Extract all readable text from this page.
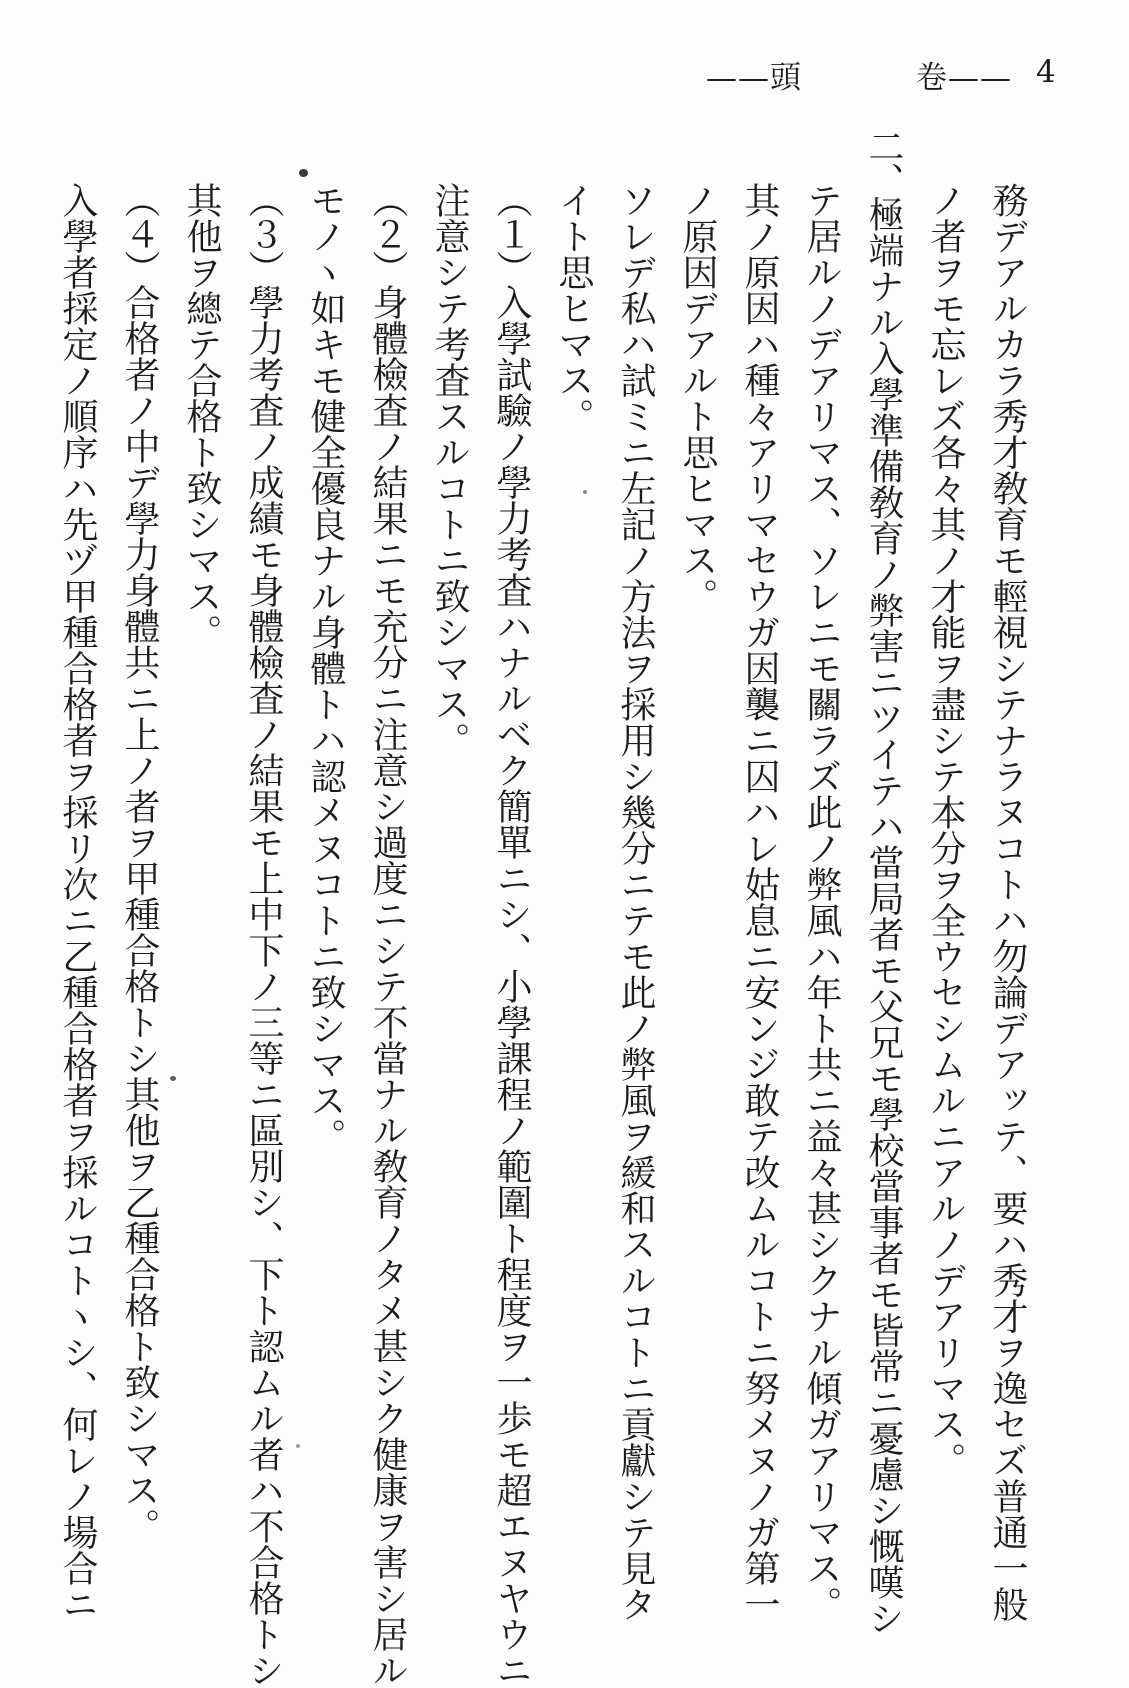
——頭	卷—— 4
務デアルカラ秀才敎育モ輕視シテナラヌコトハ勿論デアッテ、要ハ秀才ヲ逸セズ普通一般
ノ者ヲモ忘レズ各々其ノ才能ヲ盡シテ本分ヲ全ウセシムルニアルノデアリマス。
二、極端ナル入學準備敎育ノ弊害ニツイテハ當局者モ父兄モ學校當事者モ皆常ニ憂慮シ慨嘆シ
テ居ルノデアリマス、ソレニモ關ラズ此ノ弊風ハ年ト共ニ益々甚シクナル傾ガアリマス。
其ノ原因ハ種々アリマセウガ因襲ニ囚ハレ姑息ニ安ンジ敢テ改ムルコトニ努メヌノガ第一
ノ原因デアルト思ヒマス。
ソレデ私ハ試ミニ左記ノ方法ヲ採用シ幾分ニテモ此ノ弊風ヲ緩和スルコトニ貢獻シテ見タ
イト思ヒマス。
（１）入學試驗ノ學力考査ハナルベク簡單ニシ、小學課程ノ範圍ト程度ヲ一歩モ超エヌヤウニ
注意シテ考査スルコトニ致シマス。
（２）身體檢査ノ結果ニモ充分ニ注意シ過度ニシテ不當ナル敎育ノタメ甚シク健康ヲ害シ居ル
モノヽ如キモ健全優良ナル身體トハ認メヌコトニ致シマス。
（３）學力考査ノ成績モ身體檢査ノ結果モ上中下ノ三等ニ區別シ、下ト認ムル者ハ不合格トシ
其他ヲ總テ合格ト致シマス。
（４）合格者ノ中デ學力身體共ニ上ノ者ヲ甲種合格トシ其他ヲ乙種合格ト致シマス。
入學者採定ノ順序ハ先ヅ甲種合格者ヲ採リ次ニ乙種合格者ヲ採ルコトヽシ、何レノ場合ニ
